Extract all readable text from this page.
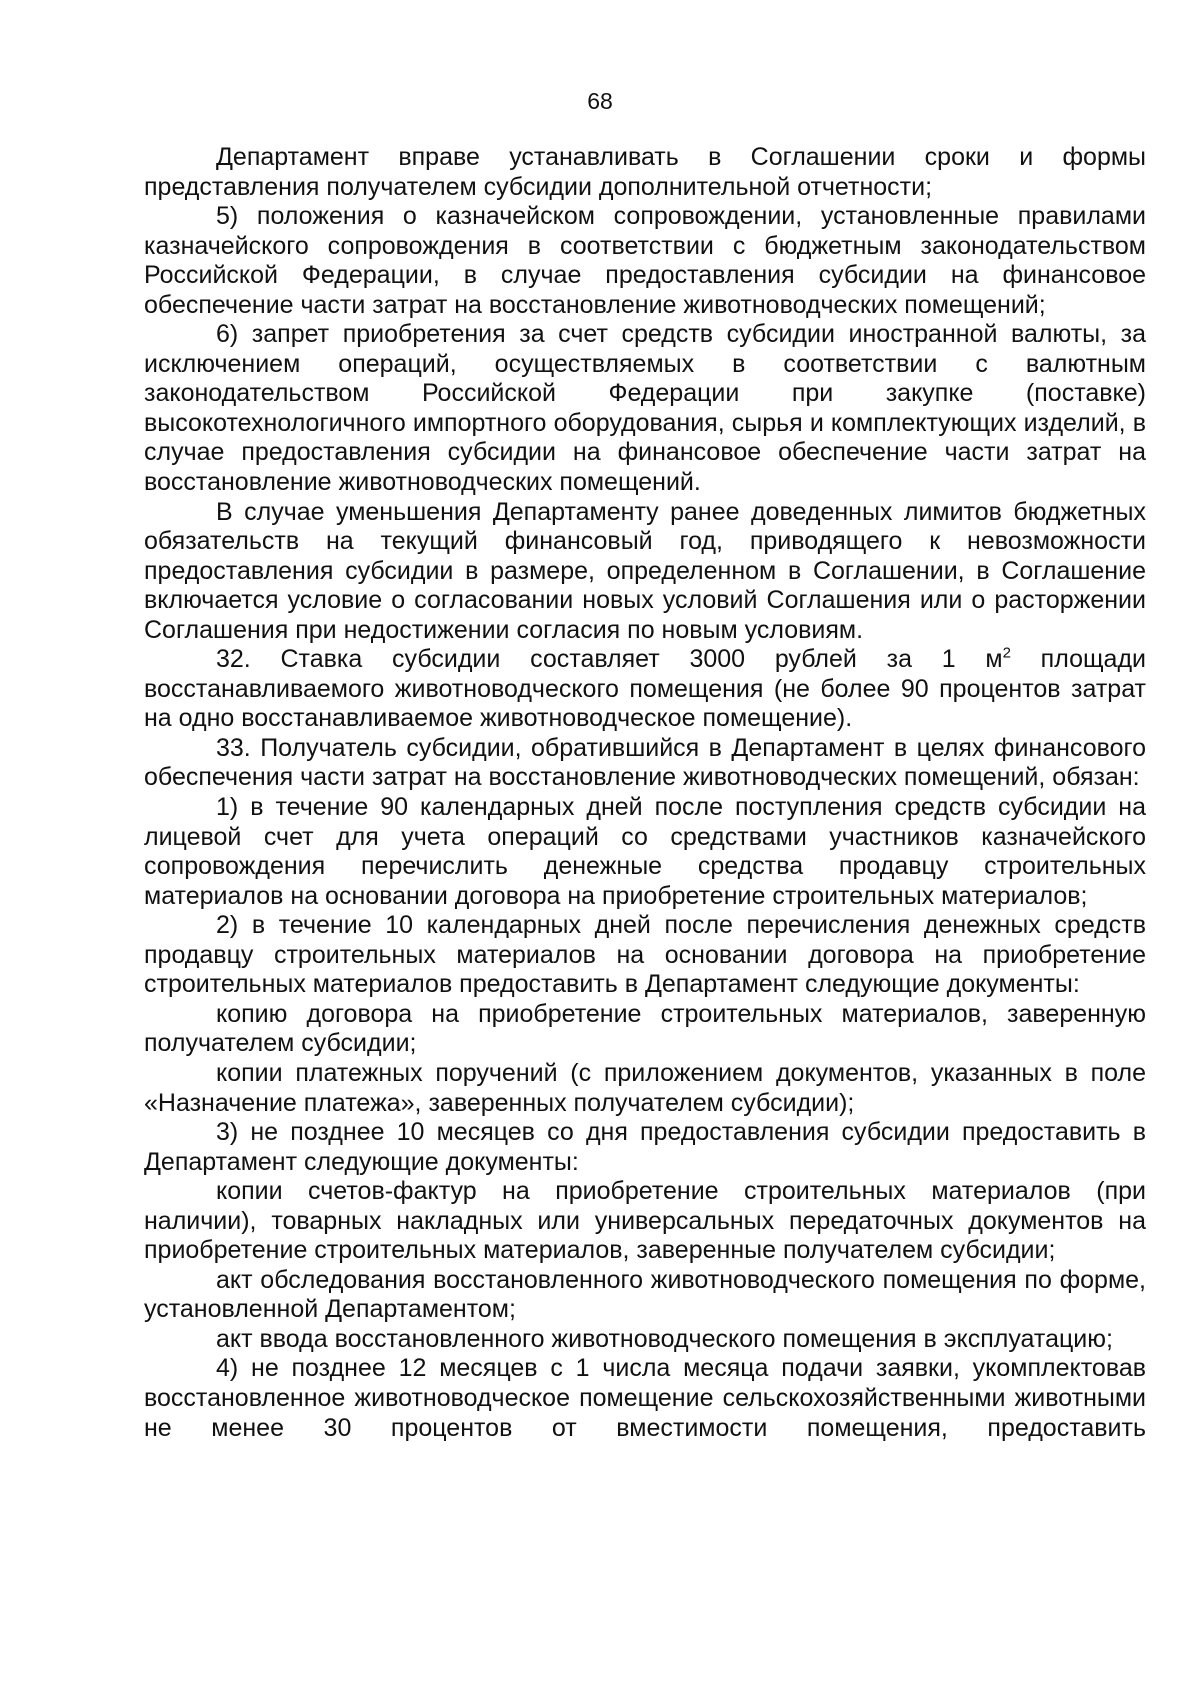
68

Департамент вправе устанавливать в Соглашении сроки и формы представления получателем субсидии дополнительной отчетности;

5) положения о казначейском сопровождении, установленные правилами казначейского сопровождения в соответствии с бюджетным законодательством Российской Федерации, в случае предоставления субсидии на финансовое обеспечение части затрат на восстановление животноводческих помещений;

6) запрет приобретения за счет средств субсидии иностранной валюты, за исключением операций, осуществляемых в соответствии с валютным законодательством Российской Федерации при закупке (поставке) высокотехнологичного импортного оборудования, сырья и комплектующих изделий, в случае предоставления субсидии на финансовое обеспечение части затрат на восстановление животноводческих помещений.

В случае уменьшения Департаменту ранее доведенных лимитов бюджетных обязательств на текущий финансовый год, приводящего к невозможности предоставления субсидии в размере, определенном в Соглашении, в Соглашение включается условие о согласовании новых условий Соглашения или о расторжении Соглашения при недостижении согласия по новым условиям.

32. Ставка субсидии составляет 3000 рублей за 1 $м^2$ площади восстанавливаемого животноводческого помещения (не более 90 процентов затрат на одно восстанавливаемое животноводческое помещение).

33. Получатель субсидии, обратившийся в Департамент в целях финансового обеспечения части затрат на восстановление животноводческих помещений, обязан:

1) в течение 90 календарных дней после поступления средств субсидии на лицевой счет для учета операций со средствами участников казначейского сопровождения перечислить денежные средства продавцу строительных материалов на основании договора на приобретение строительных материалов;

2) в течение 10 календарных дней после перечисления денежных средств продавцу строительных материалов на основании договора на приобретение строительных материалов предоставить в Департамент следующие документы:

копию договора на приобретение строительных материалов, заверенную получателем субсидии;

копии платежных поручений (с приложением документов, указанных в поле «Назначение платежа», заверенных получателем субсидии);

3) не позднее 10 месяцев со дня предоставления субсидии предоставить в Департамент следующие документы:

копии счетов-фактур на приобретение строительных материалов (при наличии), товарных накладных или универсальных передаточных документов на приобретение строительных материалов, заверенные получателем субсидии;

акт обследования восстановленного животноводческого помещения по форме, установленной Департаментом;

акт ввода восстановленного животноводческого помещения в эксплуатацию;

4) не позднее 12 месяцев с 1 числа месяца подачи заявки, укомплектовав восстановленное животноводческое помещение сельскохозяйственными животными не менее 30 процентов от вместимости помещения, предоставить
